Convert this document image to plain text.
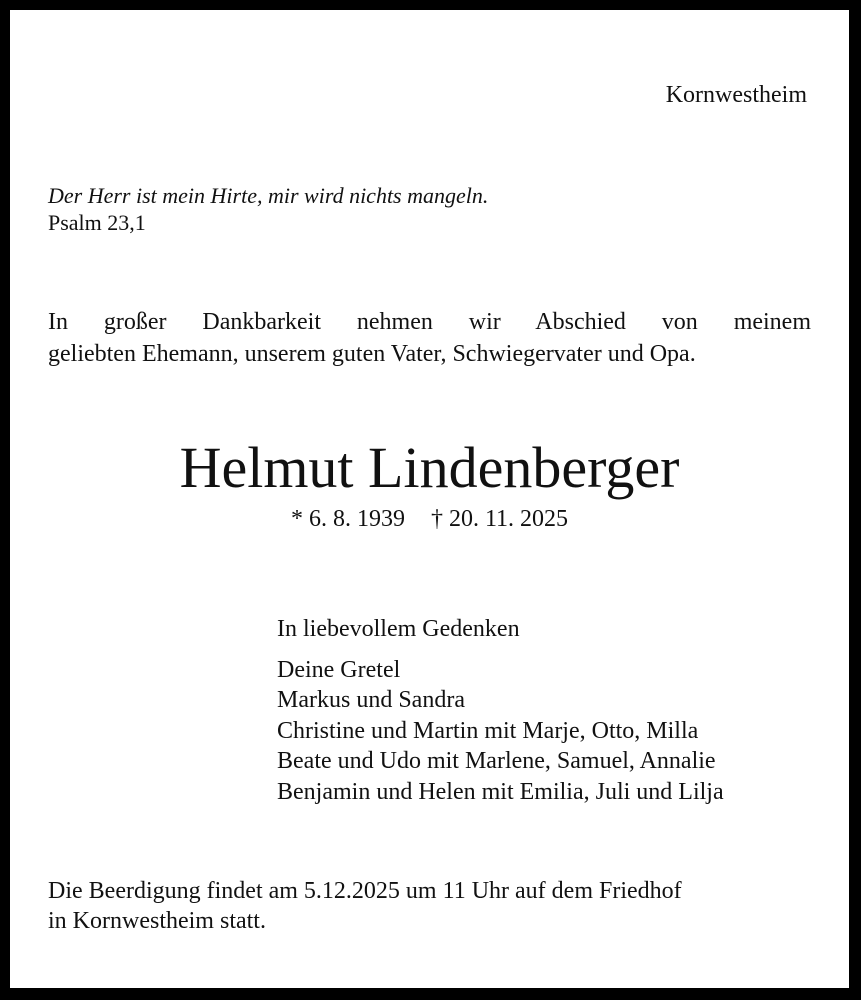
Kornwestheim

Der Herr ist mein Hirte, mir wird nichts mangeln.
Psalm 23,1

In großer Dankbarkeit nehmen wir Abschied von meinem
geliebten Ehemann, unserem guten Vater, Schwiegervater und Opa.

Helmut Lindenberger

* 6. 8. 1939 † 20. 11. 2025

In liebevollem Gedenken
Deine Gretel
Markus und Sandra
Christine und Martin mit Marje, Otto, Milla
Beate und Udo mit Marlene, Samuel, Annalie
Benjamin und Helen mit Emilia, Juli und Lilja

Die Beerdigung findet am 5.12.2025 um 11 Uhr auf dem Friedhof
in Kornwestheim statt.
